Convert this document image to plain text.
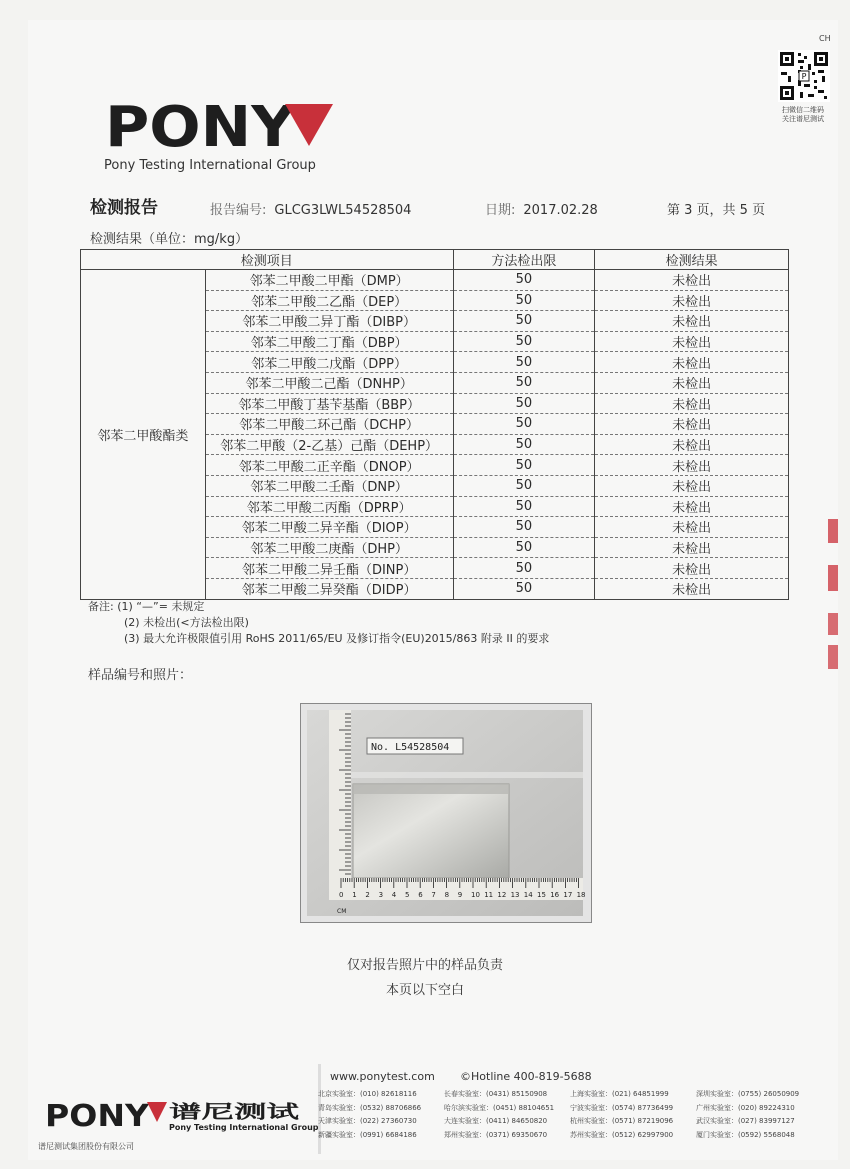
CH
P
扫微信二维码
关注谱尼测试
PONY
Pony Testing International Group
检测报告	报告编号: GLCG3LWL54528504	日期: 2017.02.28	第 3 页，共 5 页
检测结果（单位：mg/kg）
检测项目		方法检出限	检测结果
邻苯二甲酸酯类	邻苯二甲酸二甲酯（DMP）	50	未检出
	邻苯二甲酸二乙酯（DEP）	50	未检出
	邻苯二甲酸二异丁酯（DIBP）	50	未检出
	邻苯二甲酸二丁酯（DBP）	50	未检出
	邻苯二甲酸二戊酯（DPP）	50	未检出
	邻苯二甲酸二己酯（DNHP）	50	未检出
	邻苯二甲酸丁基苄基酯（BBP）	50	未检出
	邻苯二甲酸二环己酯（DCHP）	50	未检出
	邻苯二甲酸（2-乙基）己酯（DEHP）	50	未检出
	邻苯二甲酸二正辛酯（DNOP）	50	未检出
	邻苯二甲酸二壬酯（DNP）	50	未检出
	邻苯二甲酸二丙酯（DPRP）	50	未检出
	邻苯二甲酸二异辛酯（DIOP）	50	未检出
	邻苯二甲酸二庚酯（DHP）	50	未检出
	邻苯二甲酸二异壬酯（DINP）	50	未检出
	邻苯二甲酸二异癸酯（DIDP）	50	未检出
备注: (1) “—”= 未规定
(2) 未检出(<方法检出限)
(3) 最大允许极限值引用 RoHS 2011/65/EU 及修订指令(EU)2015/863 附录 II 的要求
样品编号和照片：
No. L54528504
0 1 2 3 4 5 6 7 8 9 10 11 12 13 14 15 16 17 18
CM
仅对报告照片中的样品负责
本页以下空白
PONY 谱尼测试
Pony Testing International Group
谱尼测试集团股份有限公司
www.ponytest.com ©Hotline 400-819-5688
北京实验室：(010) 82618116	长春实验室：(0431) 85150908	上海实验室：(021) 64851999	深圳实验室：(0755) 26050909
青岛实验室：(0532) 88706866	哈尔滨实验室：(0451) 88104651	宁波实验室：(0574) 87736499	广州实验室：(020) 89224310
天津实验室：(022) 27360730	大连实验室：(0411) 84650820	杭州实验室：(0571) 87219096	武汉实验室：(027) 83997127
新疆实验室：(0991) 6684186	郑州实验室：(0371) 69350670	苏州实验室：(0512) 62997900	厦门实验室：(0592) 5568048
